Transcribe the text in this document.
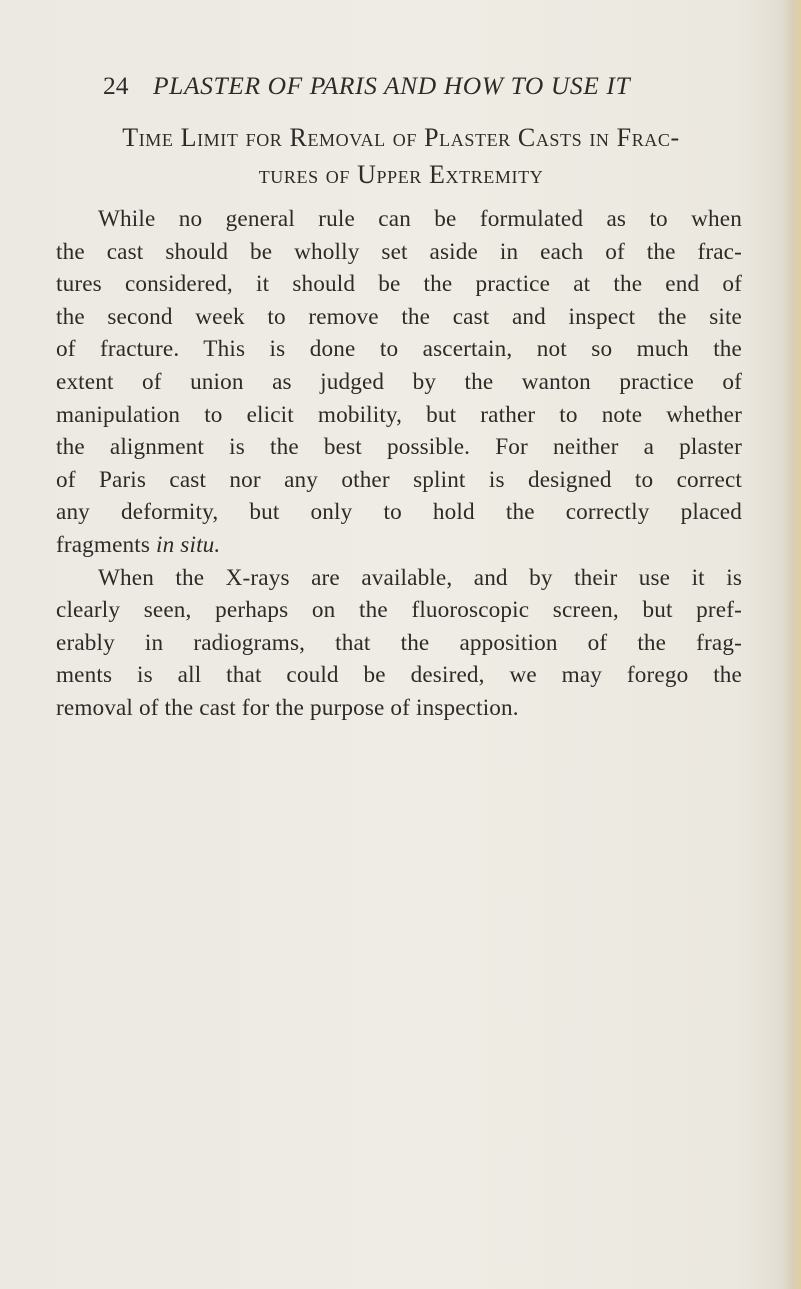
24 PLASTER OF PARIS AND HOW TO USE IT
Time Limit for Removal of Plaster Casts in Frac-
tures of Upper Extremity
While no general rule can be formulated as to when
the cast should be wholly set aside in each of the frac-
tures considered, it should be the practice at the end of
the second week to remove the cast and inspect the site
of fracture. This is done to ascertain, not so much the
extent of union as judged by the wanton practice of
manipulation to elicit mobility, but rather to note whether
the alignment is the best possible. For neither a plaster
of Paris cast nor any other splint is designed to correct
any deformity, but only to hold the correctly placed
fragments in situ.
When the X-rays are available, and by their use it is
clearly seen, perhaps on the fluoroscopic screen, but pref-
erably in radiograms, that the apposition of the frag-
ments is all that could be desired, we may forego the
removal of the cast for the purpose of inspection.
